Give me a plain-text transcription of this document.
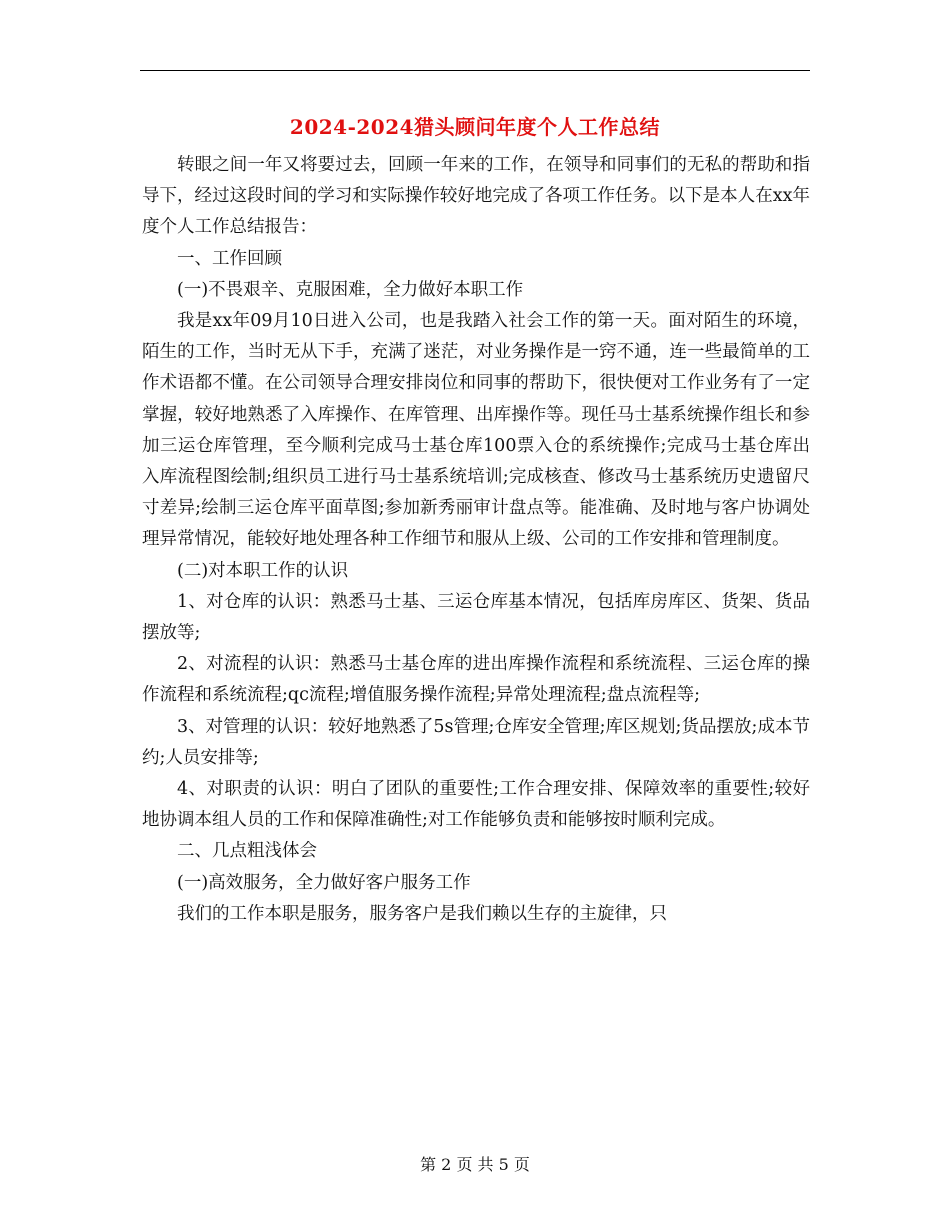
2024-2024猎头顾问年度个人工作总结

转眼之间一年又将要过去，回顾一年来的工作，在领导和同事们的无私的帮助和指导下，经过这段时间的学习和实际操作较好地完成了各项工作任务。以下是本人在xx年度个人工作总结报告：

一、工作回顾

(一)不畏艰辛、克服困难，全力做好本职工作

我是xx年09月10日进入公司，也是我踏入社会工作的第一天。面对陌生的环境，陌生的工作，当时无从下手，充满了迷茫，对业务操作是一窍不通，连一些最简单的工作术语都不懂。在公司领导合理安排岗位和同事的帮助下，很快便对工作业务有了一定掌握，较好地熟悉了入库操作、在库管理、出库操作等。现任马士基系统操作组长和参加三运仓库管理，至今顺利完成马士基仓库100票入仓的系统操作;完成马士基仓库出入库流程图绘制;组织员工进行马士基系统培训;完成核查、修改马士基系统历史遗留尺寸差异;绘制三运仓库平面草图;参加新秀丽审计盘点等。能准确、及时地与客户协调处理异常情况，能较好地处理各种工作细节和服从上级、公司的工作安排和管理制度。

(二)对本职工作的认识

1、对仓库的认识：熟悉马士基、三运仓库基本情况，包括库房库区、货架、货品摆放等;

2、对流程的认识：熟悉马士基仓库的进出库操作流程和系统流程、三运仓库的操作流程和系统流程;qc流程;增值服务操作流程;异常处理流程;盘点流程等;

3、对管理的认识：较好地熟悉了5s管理;仓库安全管理;库区规划;货品摆放;成本节约;人员安排等;

4、对职责的认识：明白了团队的重要性;工作合理安排、保障效率的重要性;较好地协调本组人员的工作和保障准确性;对工作能够负责和能够按时顺利完成。

二、几点粗浅体会

(一)高效服务，全力做好客户服务工作

我们的工作本职是服务，服务客户是我们赖以生存的主旋律，只

第 2 页 共 5 页
